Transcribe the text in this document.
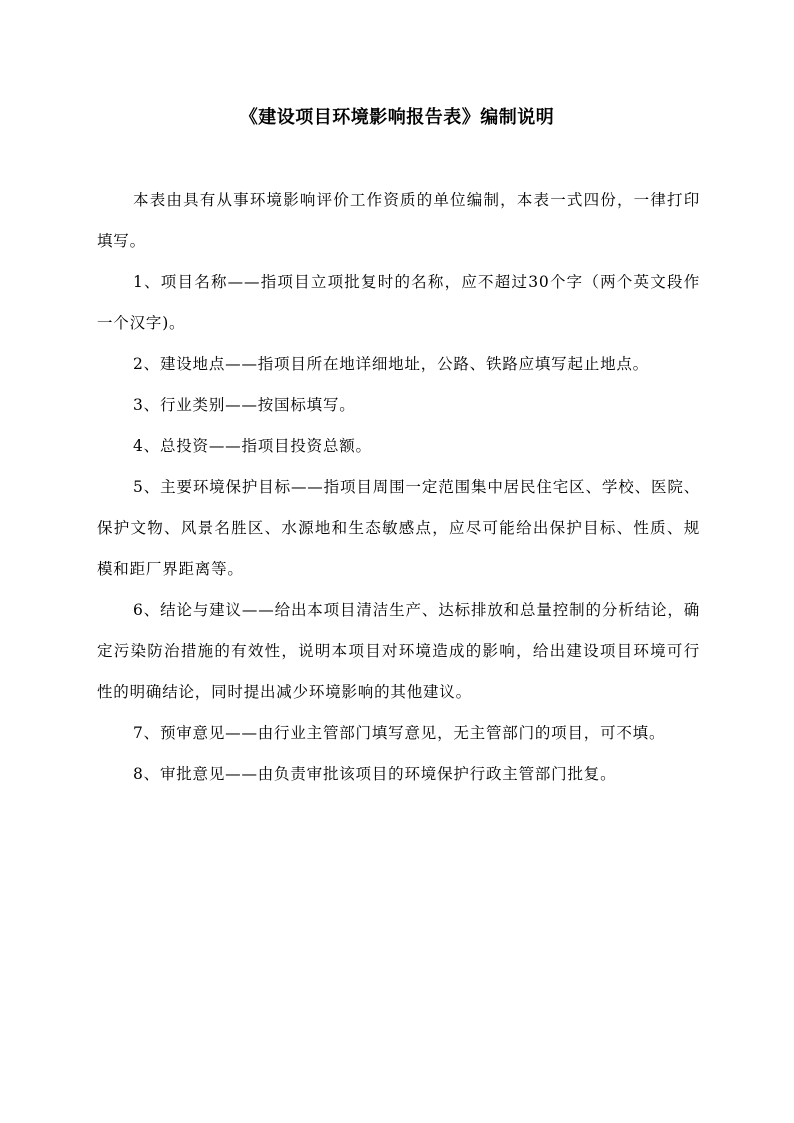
《建设项目环境影响报告表》编制说明

本表由具有从事环境影响评价工作资质的单位编制，本表一式四份，一律打印填写。

1、项目名称——指项目立项批复时的名称，应不超过30个字（两个英文段作一个汉字)。

2、建设地点——指项目所在地详细地址，公路、铁路应填写起止地点。

3、行业类别——按国标填写。

4、总投资——指项目投资总额。

5、主要环境保护目标——指项目周围一定范围集中居民住宅区、学校、医院、保护文物、风景名胜区、水源地和生态敏感点，应尽可能给出保护目标、性质、规模和距厂界距离等。

6、结论与建议——给出本项目清洁生产、达标排放和总量控制的分析结论，确定污染防治措施的有效性，说明本项目对环境造成的影响，给出建设项目环境可行性的明确结论，同时提出减少环境影响的其他建议。

7、预审意见——由行业主管部门填写意见，无主管部门的项目，可不填。

8、审批意见——由负责审批该项目的环境保护行政主管部门批复。
